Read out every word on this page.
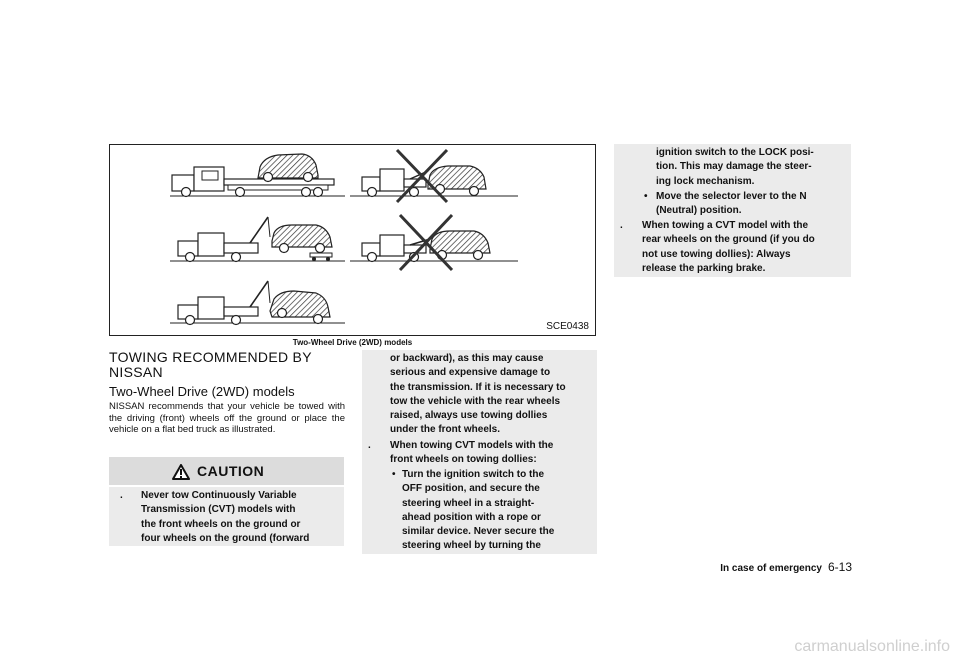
SCE0438
Two-Wheel Drive (2WD) models
TOWING RECOMMENDED BY NISSAN
Two-Wheel Drive (2WD) models
NISSAN recommends that your vehicle be towed with the driving (front) wheels off the ground or place the vehicle on a flat bed truck as illustrated.
CAUTION
. Never tow Continuously Variable
Transmission (CVT) models with
the front wheels on the ground or
four wheels on the ground (forward
or backward), as this may cause
serious and expensive damage to
the transmission. If it is necessary to
tow the vehicle with the rear wheels
raised, always use towing dollies
under the front wheels.
. When towing CVT models with the
front wheels on towing dollies:
• Turn the ignition switch to the
OFF position, and secure the
steering wheel in a straight-
ahead position with a rope or
similar device. Never secure the
steering wheel by turning the
ignition switch to the LOCK posi-
tion. This may damage the steer-
ing lock mechanism.
• Move the selector lever to the N
(Neutral) position.
. When towing a CVT model with the
rear wheels on the ground (if you do
not use towing dollies): Always
release the parking brake.
In case of emergency 6-13
carmanualsonline.info
